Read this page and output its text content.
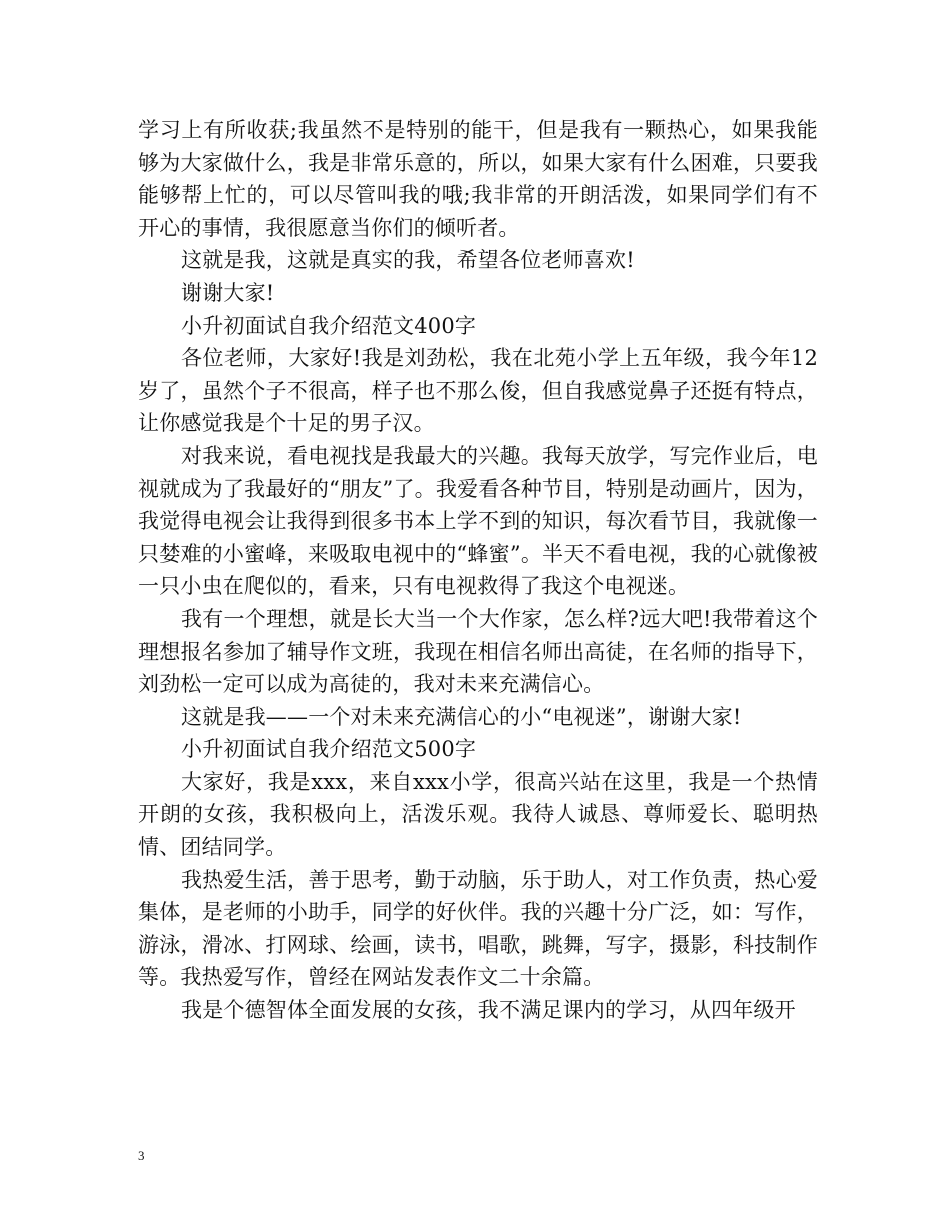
学习上有所收获;我虽然不是特别的能干，但是我有一颗热心，如果我能够为大家做什么，我是非常乐意的，所以，如果大家有什么困难，只要我能够帮上忙的，可以尽管叫我的哦;我非常的开朗活泼，如果同学们有不开心的事情，我很愿意当你们的倾听者。

这就是我，这就是真实的我，希望各位老师喜欢!

谢谢大家!

小升初面试自我介绍范文400字

各位老师，大家好!我是刘劲松，我在北苑小学上五年级，我今年12岁了，虽然个子不很高，样子也不那么俊，但自我感觉鼻子还挺有特点，让你感觉我是个十足的男子汉。

对我来说，看电视找是我最大的兴趣。我每天放学，写完作业后，电视就成为了我最好的“朋友”了。我爱看各种节目，特别是动画片，因为，我觉得电视会让我得到很多书本上学不到的知识，每次看节目，我就像一只婪难的小蜜峰，来吸取电视中的“蜂蜜”。半天不看电视，我的心就像被一只小虫在爬似的，看来，只有电视救得了我这个电视迷。

我有一个理想，就是长大当一个大作家，怎么样?远大吧!我带着这个理想报名参加了辅导作文班，我现在相信名师出高徒，在名师的指导下，刘劲松一定可以成为高徒的，我对未来充满信心。

这就是我——一个对未来充满信心的小“电视迷”，谢谢大家!

小升初面试自我介绍范文500字

大家好，我是xxx，来自xxx小学，很高兴站在这里，我是一个热情开朗的女孩，我积极向上，活泼乐观。我待人诚恳、尊师爱长、聪明热情、团结同学。

我热爱生活，善于思考，勤于动脑，乐于助人，对工作负责，热心爱集体，是老师的小助手，同学的好伙伴。我的兴趣十分广泛，如：写作，游泳，滑冰、打网球、绘画，读书，唱歌，跳舞，写字，摄影，科技制作等。我热爱写作，曾经在网站发表作文二十余篇。

我是个德智体全面发展的女孩，我不满足课内的学习，从四年级开

3
